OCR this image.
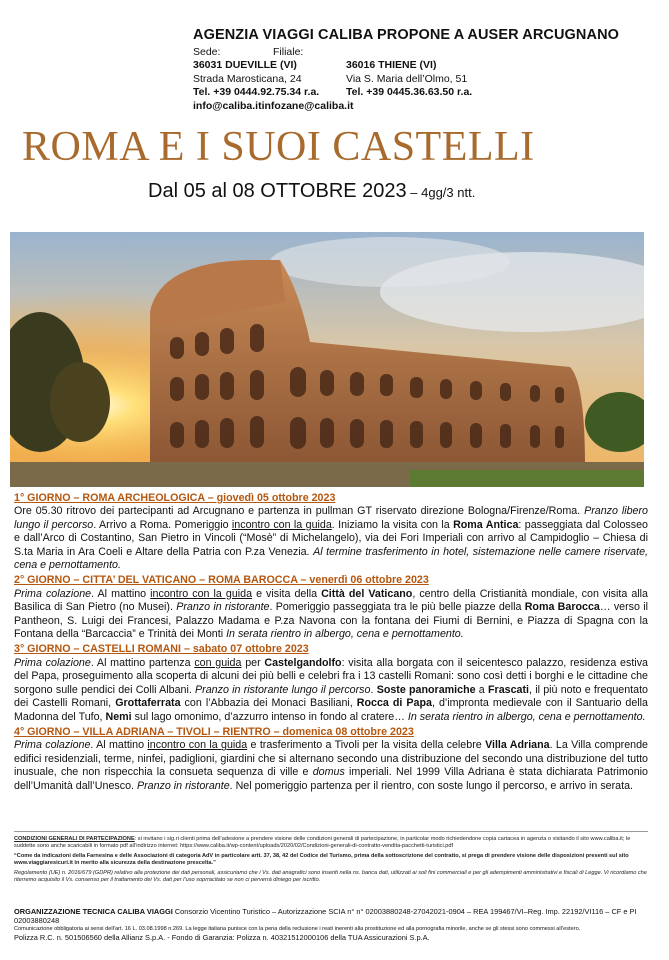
AGENZIA VIAGGI CALIBA PROPONE A AUSER ARCUGNANO
Sede:
36031 DUEVILLE (VI)
Strada Marosticana, 24
Tel. +39 0444.92.75.34 r.a.
info@caliba.itinfozane@caliba.it
Filiale:
36016 THIENE (VI)
Via S. Maria dell’Olmo, 51
Tel. +39 0445.36.63.50 r.a.
ROMA E I SUOI CASTELLI
Dal 05 al 08 OTTOBRE 2023 – 4gg/3 ntt.
1° GIORNO – ROMA ARCHEOLOGICA – giovedì 05 ottobre 2023

Ore 05.30 ritrovo dei partecipanti ad Arcugnano e partenza in pullman GT riservato direzione Bologna/Firenze/Roma. Pranzo libero lungo il percorso. Arrivo a Roma. Pomeriggio incontro con la guida. Iniziamo la visita con la Roma Antica: passeggiata dal Colosseo e dall’Arco di Costantino, San Pietro in Vincoli (“Mosè” di Michelangelo), via dei Fori Imperiali con arrivo al Campidoglio – Chiesa di S.ta Maria in Ara Coeli e Altare della Patria con P.za Venezia. Al termine trasferimento in hotel, sistemazione nelle camere riservate, cena e pernottamento.

2° GIORNO – CITTA’ DEL VATICANO – ROMA BAROCCA – venerdì 06 ottobre 2023

Prima colazione. Al mattino incontro con la guida e visita della Città del Vaticano, centro della Cristianità mondiale, con visita alla Basilica di San Pietro (no Musei). Pranzo in ristorante. Pomeriggio passeggiata tra le più belle piazze della Roma Barocca… verso il Pantheon, S. Luigi dei Francesi, Palazzo Madama e P.za Navona con la fontana dei Fiumi di Bernini, e Piazza di Spagna con la Fontana della “Barcaccia” e Trinità dei Monti In serata rientro in albergo, cena e pernottamento.

3° GIORNO – CASTELLI ROMANI – sabato 07 ottobre 2023

Prima colazione. Al mattino partenza con guida per Castelgandolfo: visita alla borgata con il seicentesco palazzo, residenza estiva del Papa, proseguimento alla scoperta di alcuni dei più belli e celebri fra i 13 castelli Romani: sono così detti i borghi e le cittadine che sorgono sulle pendici dei Colli Albani. Pranzo in ristorante lungo il percorso. Soste panoramiche a Frascati, il più noto e frequentato dei Castelli Romani, Grottaferrata con l’Abbazia dei Monaci Basiliani, Rocca di Papa, d’impronta medievale con il Santuario della Madonna del Tufo, Nemi sul lago omonimo, d’azzurro intenso in fondo al cratere… In serata rientro in albergo, cena e pernottamento.

4° GIORNO – VILLA ADRIANA – TIVOLI – RIENTRO – domenica 08 ottobre 2023

Prima colazione. Al mattino incontro con la guida e trasferimento a Tivoli per la visita della celebre Villa Adriana. La Villa comprende edifici residenziali, terme, ninfei, padiglioni, giardini che si alternano secondo una distribuzione del secondo una distribuzione del tutto inusuale, che non rispecchia la consueta sequenza di ville e domus imperiali. Nel 1999 Villa Adriana è stata dichiarata Patrimonio dell’Umanità dall’Unesco. Pranzo in ristorante. Nel pomeriggio partenza per il rientro, con soste lungo il percorso, e arrivo in serata.

CONDIZIONI GENERALI DI PARTECIPAZIONE: si invitano i sig.ri clienti prima dell’adesione a prendere visione delle condizioni generali di partecipazione, in particolar modo richiedendone copia cartacea in agenzia o visitando il sito www.caliba.it; le suddette sono anche scaricabili in formato pdf all’indirizzo internet: https://www.caliba.it/wp-content/uploads/2020/02/Condizioni-generali-di-contratto-vendita-pacchetti-turistici.pdf

“Come da indicazioni della Farnesina e delle Associazioni di categoria AdV in particolare artt. 37, 38, 42 del Codice del Turismo, prima della sottoscrizione del contratto, si prega di prendere visione delle disposizioni presenti sul sito www.viaggiaresicuri.it in merito alla sicurezza della destinazione prescelta.”

Regolamento (UE) n. 2016/679 (GDPR) relativo alla protezione dei dati personali, assicuriamo che i Vs. dati anagrafici sono inseriti nella ns. banca dati, utilizzati ai soli fini commerciali e per gli adempimenti amministrativi e fiscali di Legge. Vi ricordiamo che riterremo acquisito il Vs. consenso per il trattamento dei Vs. dati per l’uso soprracitato se non ci perverrà diniego per iscritto.

ORGANIZZAZIONE TECNICA CALIBA VIAGGI Consorzio Vicentino Turistico – Autorizzazione SCIA n° n° 02003880248-27042021-0904 – REA 199467/VI–Reg. Imp. 22192/VI116 – CF e PI 02003880248

Comunicazione obbligatoria ai sensi dell’art. 16 L. 03.08.1998 n.269. La legge italiana punisce con la pena della reclusione i reati inerenti alla prostituzione ed alla pornografia minorile, anche se gli stessi sono commessi all’estero.

Polizza R.C. n. 501506560 della Allianz S.p.A. - Fondo di Garanzia: Polizza n. 40321512000106 della TUA Assicurazioni S.p.A.
